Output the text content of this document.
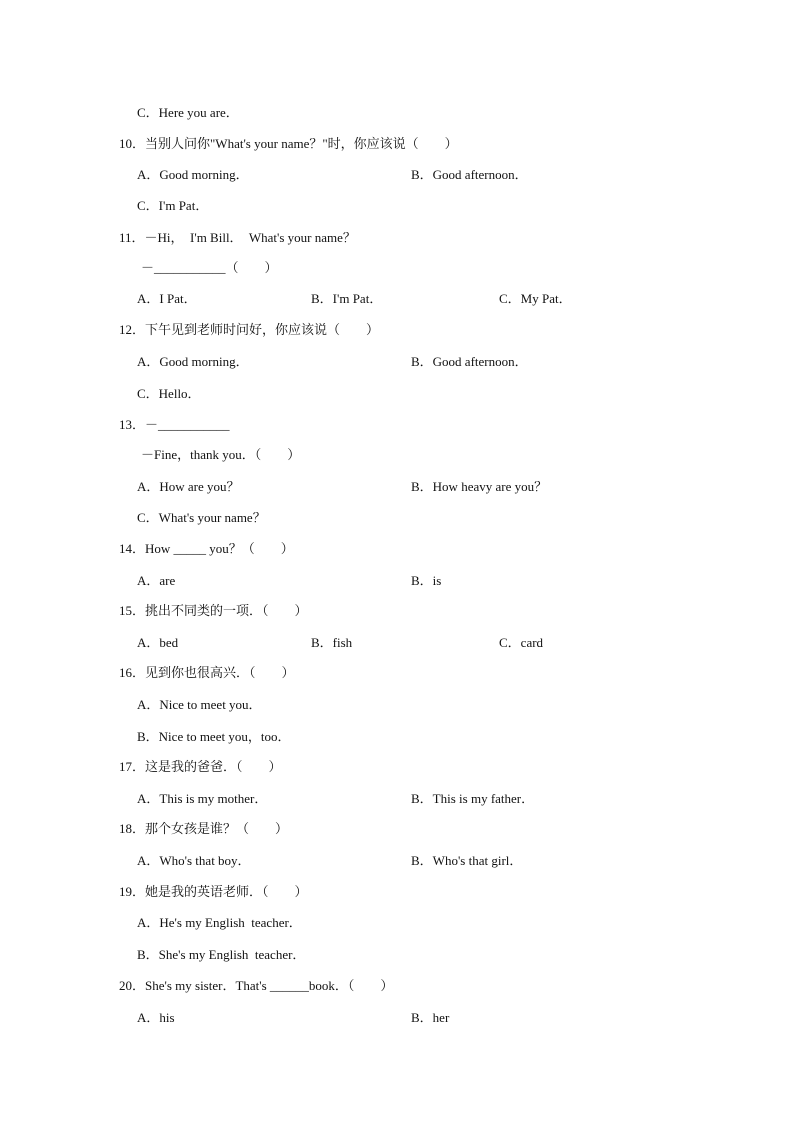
C．Here you are．
10．当别人问你"What's your name？"时，你应该说（　　）
A．Good morning．	B．Good afternoon．
C．I'm Pat．
11．－Hi，  I'm Bill．  What's your name？
－___________（　　）
A．I Pat．	B．I'm Pat．	C．My Pat．
12．下午见到老师时问好，你应该说（　　）
A．Good morning．	B．Good afternoon．
C．Hello．
13．－___________
－Fine，thank you．（　　）
A．How are you？	B．How heavy are you？
C．What's your name？
14．How _____ you？（　　）
A．are	B．is
15．挑出不同类的一项．（　　）
A．bed	B．fish	C．card
16．见到你也很高兴．（　　）
A．Nice to meet you．
B．Nice to meet you，too．
17．这是我的爸爸．（　　）
A．This is my mother．	B．This is my father．
18．那个女孩是谁？（　　）
A．Who's that boy．	B．Who's that girl．
19．她是我的英语老师．（　　）
A．He's my English  teacher．
B．She's my English  teacher．
20．She's my sister．That's ______book．（　　）
A．his	B．her
